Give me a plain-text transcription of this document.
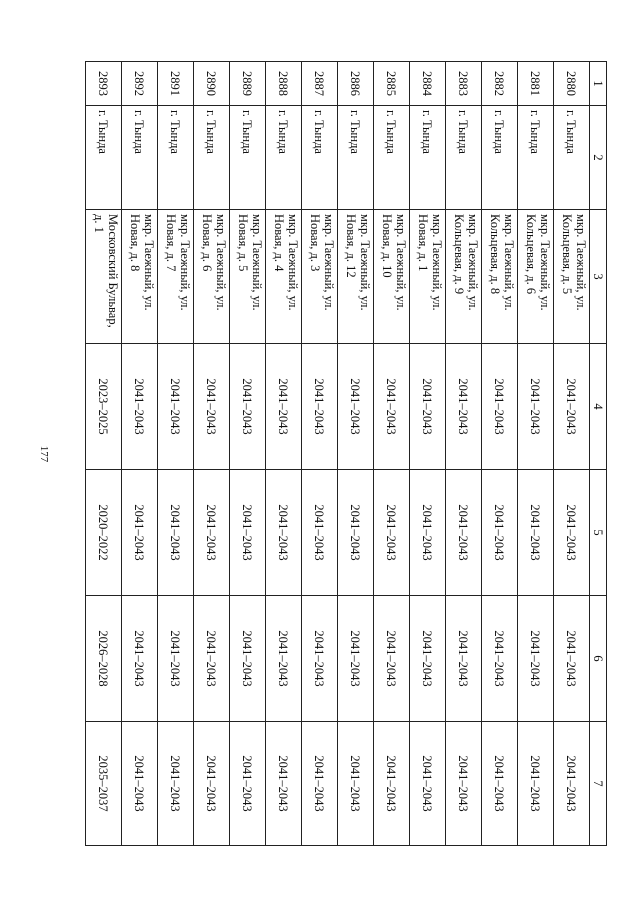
177
1	2	3	4	5	6	7
2880	г. Тында	мкр. Таежный, ул. Кольцевая, д. 5	2041–2043	2041–2043	2041–2043	2041–2043
2881	г. Тында	мкр. Таежный, ул. Кольцевая, д. 6	2041–2043	2041–2043	2041–2043	2041–2043
2882	г. Тында	мкр. Таежный, ул. Кольцевая, д. 8	2041–2043	2041–2043	2041–2043	2041–2043
2883	г. Тында	мкр. Таежный, ул. Кольцевая, д. 9	2041–2043	2041–2043	2041–2043	2041–2043
2884	г. Тында	мкр. Таежный, ул. Новая, д. 1	2041–2043	2041–2043	2041–2043	2041–2043
2885	г. Тында	мкр. Таежный, ул. Новая, д. 10	2041–2043	2041–2043	2041–2043	2041–2043
2886	г. Тында	мкр. Таежный, ул. Новая, д. 12	2041–2043	2041–2043	2041–2043	2041–2043
2887	г. Тында	мкр. Таежный, ул. Новая, д. 3	2041–2043	2041–2043	2041–2043	2041–2043
2888	г. Тында	мкр. Таежный, ул. Новая, д. 4	2041–2043	2041–2043	2041–2043	2041–2043
2889	г. Тында	мкр. Таежный, ул. Новая, д. 5	2041–2043	2041–2043	2041–2043	2041–2043
2890	г. Тында	мкр. Таежный, ул. Новая, д. 6	2041–2043	2041–2043	2041–2043	2041–2043
2891	г. Тында	мкр. Таежный, ул. Новая, д. 7	2041–2043	2041–2043	2041–2043	2041–2043
2892	г. Тында	мкр. Таежный, ул. Новая, д. 8	2041–2043	2041–2043	2041–2043	2041–2043
2893	г. Тында	Московский Бульвар, д. 1	2023–2025	2020–2022	2026–2028	2035–2037
